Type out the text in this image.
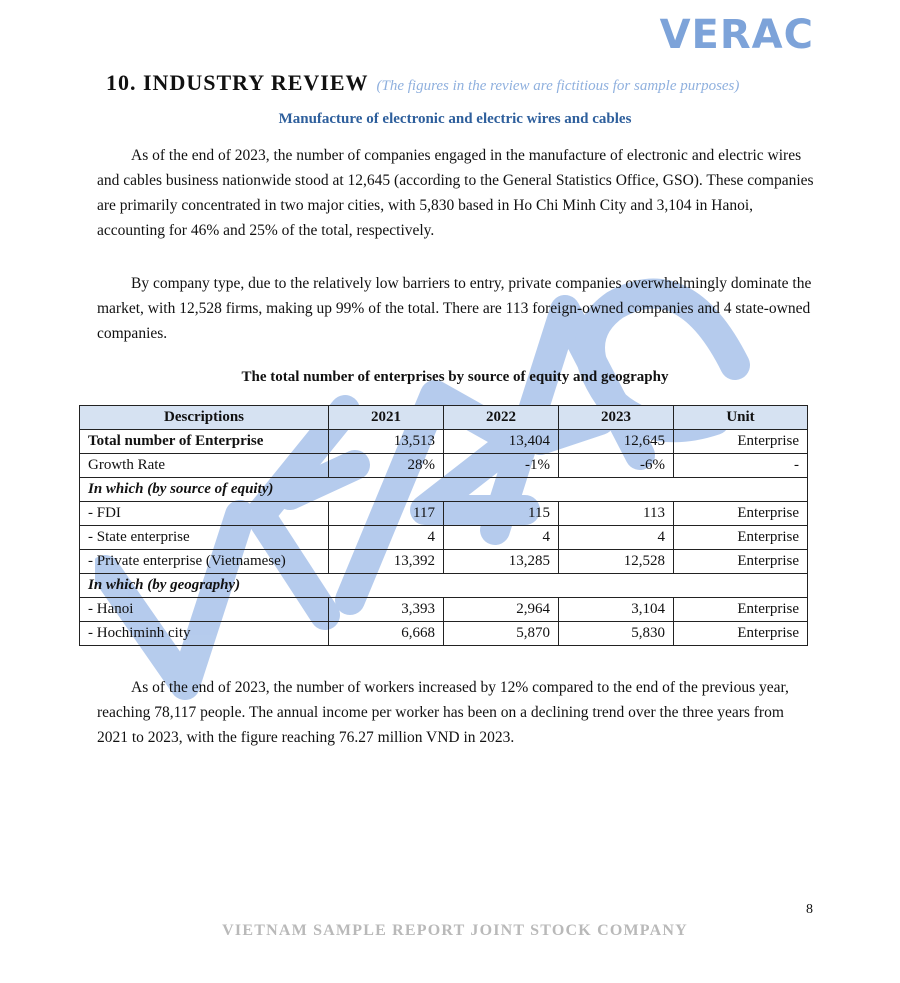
VERAC
10. INDUSTRY REVIEW (The figures in the review are fictitious for sample purposes)
Manufacture of electronic and electric wires and cables

As of the end of 2023, the number of companies engaged in the manufacture of electronic and electric wires and cables business nationwide stood at 12,645 (according to the General Statistics Office, GSO). These companies are primarily concentrated in two major cities, with 5,830 based in Ho Chi Minh City and 3,104 in Hanoi, accounting for 46% and 25% of the total, respectively.

By company type, due to the relatively low barriers to entry, private companies overwhelmingly dominate the market, with 12,528 firms, making up 99% of the total. There are 113 foreign-owned companies and 4 state-owned companies.

The total number of enterprises by source of equity and geography
Descriptions	2021	2022	2023	Unit
Total number of Enterprise	13,513	13,404	12,645	Enterprise
Growth Rate	28%	-1%	-6%	-
In which (by source of equity)				
- FDI	117	115	113	Enterprise
- State enterprise	4	4	4	Enterprise
- Private enterprise (Vietnamese)	13,392	13,285	12,528	Enterprise
In which (by geography)				
- Hanoi	3,393	2,964	3,104	Enterprise
- Hochiminh city	6,668	5,870	5,830	Enterprise

As of the end of 2023, the number of workers increased by 12% compared to the end of the previous year, reaching 78,117 people. The annual income per worker has been on a declining trend over the three years from 2021 to 2023, with the figure reaching 76.27 million VND in 2023.

8
VIETNAM SAMPLE REPORT JOINT STOCK COMPANY
